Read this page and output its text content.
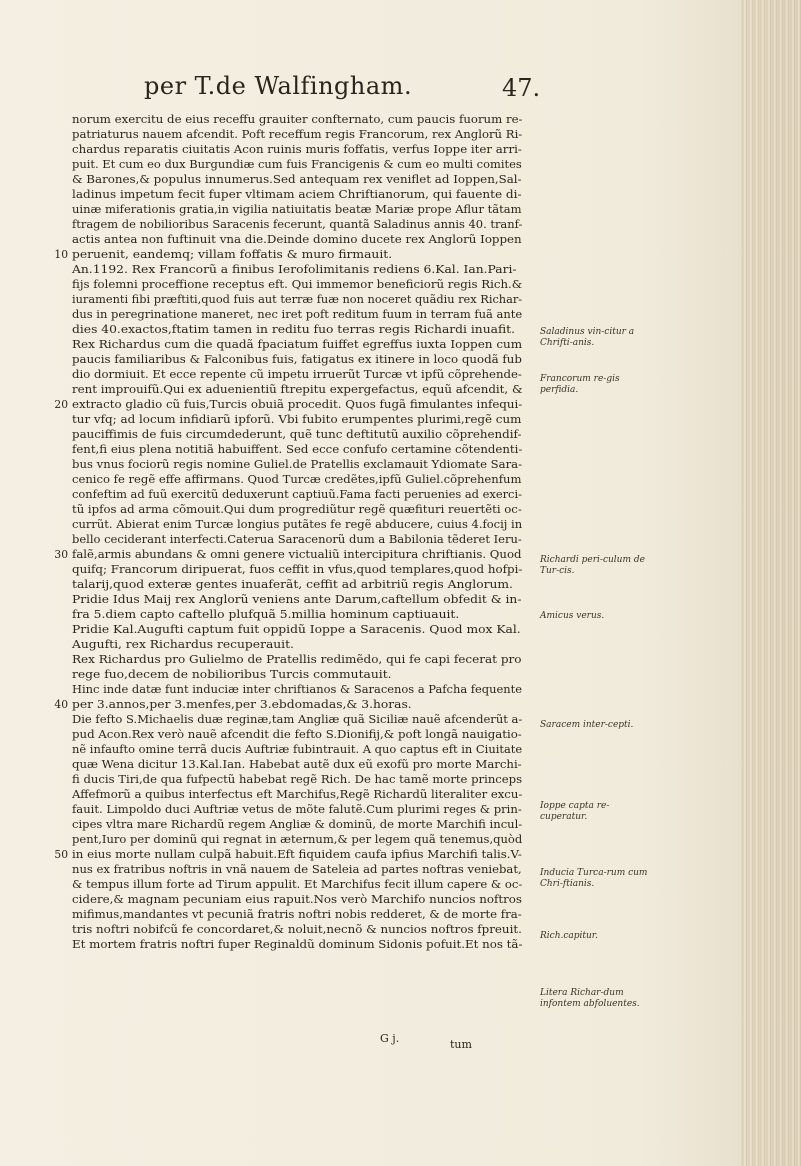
per T.de Walfingham.	47.
norum exercitu de eius receffu grauiter confternato, cum paucis fuorum re-
patriaturus nauem afcendit. Poft receffum regis Francorum, rex Anglorũ Ri-
chardus reparatis ciuitatis Acon ruinis muris foffatis, verfus Ioppe iter arri-
puit. Et cum eo dux Burgundiæ cum fuis Francigenis & cum eo multi comites
& Barones,& populus innumerus.Sed antequam rex veniflet ad Ioppen,Sal-
ladinus impetum fecit fuper vltimam aciem Chriftianorum, qui fauente di-
uinæ miferationis gratia,in vigilia natiuitatis beatæ Mariæ prope Aflur tãtam
ftragem de nobilioribus Saracenis fecerunt, quantã Saladinus annis 40. tranf-
actis antea non fuftinuit vna die.Deinde domino ducete rex Anglorũ Ioppen
10 peruenit, eandemq; villam foffatis & muro firmauit.
An.1192. Rex Francorũ a finibus Ierofolimitanis rediens 6.Kal. Ian.Pari-
fijs folemni proceffione receptus eft. Qui immemor beneficiorũ regis Rich.&
iuramenti fibi præftiti,quod fuis aut terræ fuæ non noceret quãdiu rex Richar-
dus in peregrinatione maneret, nec iret poft reditum fuum in terram fuã ante
dies 40.exactos,ftatim tamen in reditu fuo terras regis Richardi inuafit.
Rex Richardus cum die quadã fpaciatum fuiffet egreffus iuxta Ioppen cum
paucis familiaribus & Falconibus fuis, fatigatus ex itinere in loco quodã fub
dio dormiuit. Et ecce repente cũ impetu irruerũt Turcæ vt ipfũ cõprehende-
rent improuifũ.Qui ex aduenientiũ ftrepitu expergefactus, equũ afcendit, &
20 extracto gladio cũ fuis,Turcis obuiã procedit. Quos fugã fimulantes infequi-
tur vfq; ad locum infidiarũ ipforũ. Vbi fubito erumpentes plurimi,regẽ cum
pauciffimis de fuis circumdederunt, quẽ tunc deftitutũ auxilio cõprehendif-
fent,fi eius plena notitiã habuiffent. Sed ecce confufo certamine cõtendenti-
bus vnus fociorũ regis nomine Guliel.de Pratellis exclamauit Ydiomate Sara-
cenico fe regẽ effe affirmans. Quod Turcæ credẽtes,ipfũ Guliel.cõprehenfum
confeftim ad fuũ exercitũ deduxerunt captiuũ.Fama facti peruenies ad exerci-
tũ ipfos ad arma cõmouit.Qui dum progrediũtur regẽ quæfituri reuertẽti oc-
currũt. Abierat enim Turcæ longius putãtes fe regẽ abducere, cuius 4.focij in
bello ceciderant interfecti.Caterua Saracenorũ dum a Babilonia tẽderet Ieru-
30 falẽ,armis abundans & omni genere victualiũ intercipitura chriftianis. Quod
quifq; Francorum diripuerat, fuos ceffit in vfus,quod templares,quod hofpi-
talarij,quod exteræ gentes inuaferãt, ceffit ad arbitriũ regis Anglorum.
Pridie Idus Maij rex Anglorũ veniens ante Darum,caftellum obfedit & in-
fra 5.diem capto caftello plufquã 5.millia hominum captiuauit.
Pridie Kal.Augufti captum fuit oppidũ Ioppe a Saracenis. Quod mox Kal.
Augufti, rex Richardus recuperauit.
Rex Richardus pro Gulielmo de Pratellis redimẽdo, qui fe capi fecerat pro
rege fuo,decem de nobilioribus Turcis commutauit.
Hinc inde datæ funt induciæ inter chriftianos & Saracenos a Pafcha fequente
40 per 3.annos,per 3.menfes,per 3.ebdomadas,& 3.horas.
Die fefto S.Michaelis duæ reginæ,tam Angliæ quã Siciliæ nauẽ afcenderũt a-
pud Acon.Rex verò nauẽ afcendit die fefto S.Dionifij,& poft longã nauigatio-
nẽ infaufto omine terrã ducis Auftriæ fubintrauit. A quo captus eft in Ciuitate
quæ Wena dicitur 13.Kal.Ian. Habebat autẽ dux eũ exofũ pro morte Marchi-
fi ducis Tiri,de qua fufpectũ habebat regẽ Rich. De hac tamẽ morte princeps
Affefmorũ a quibus interfectus eft Marchifus,Regẽ Richardũ literaliter excu-
fauit. Limpoldo duci Auftriæ vetus de mõte falutẽ.Cum plurimi reges & prin-
cipes vltra mare Richardũ regem Angliæ & dominũ, de morte Marchifi incul-
pent,Iuro per dominũ qui regnat in æternum,& per legem quã tenemus,quòd
50 in eius morte nullam culpã habuit.Eft fiquidem caufa ipfius Marchifi talis.V-
nus ex fratribus noftris in vnã nauem de Sateleia ad partes noftras veniebat,
& tempus illum forte ad Tirum appulit. Et Marchifus fecit illum capere & oc-
cidere,& magnam pecuniam eius rapuit.Nos verò Marchifo nuncios noftros
mifimus,mandantes vt pecuniã fratris noftri nobis redderet, & de morte fra-
tris noftri nobifcũ fe concordaret,& noluit,necnõ & nuncios noftros fpreuit.
Et mortem fratris noftri fuper Reginaldũ dominum Sidonis pofuit.Et nos tã-
Saladinus vin-citur a Chrifti-anis.
Francorum re-gis perfidia.
Richardi peri-culum de Tur-cis.
Amicus verus.
Saracem inter-cepti.
Ioppe capta re-cuperatur.
Inducia Turca-rum cum Chri-ftianis.
Rich.capitur.
Litera Richar-dum infontem abfoluentes.
G j.	tum
